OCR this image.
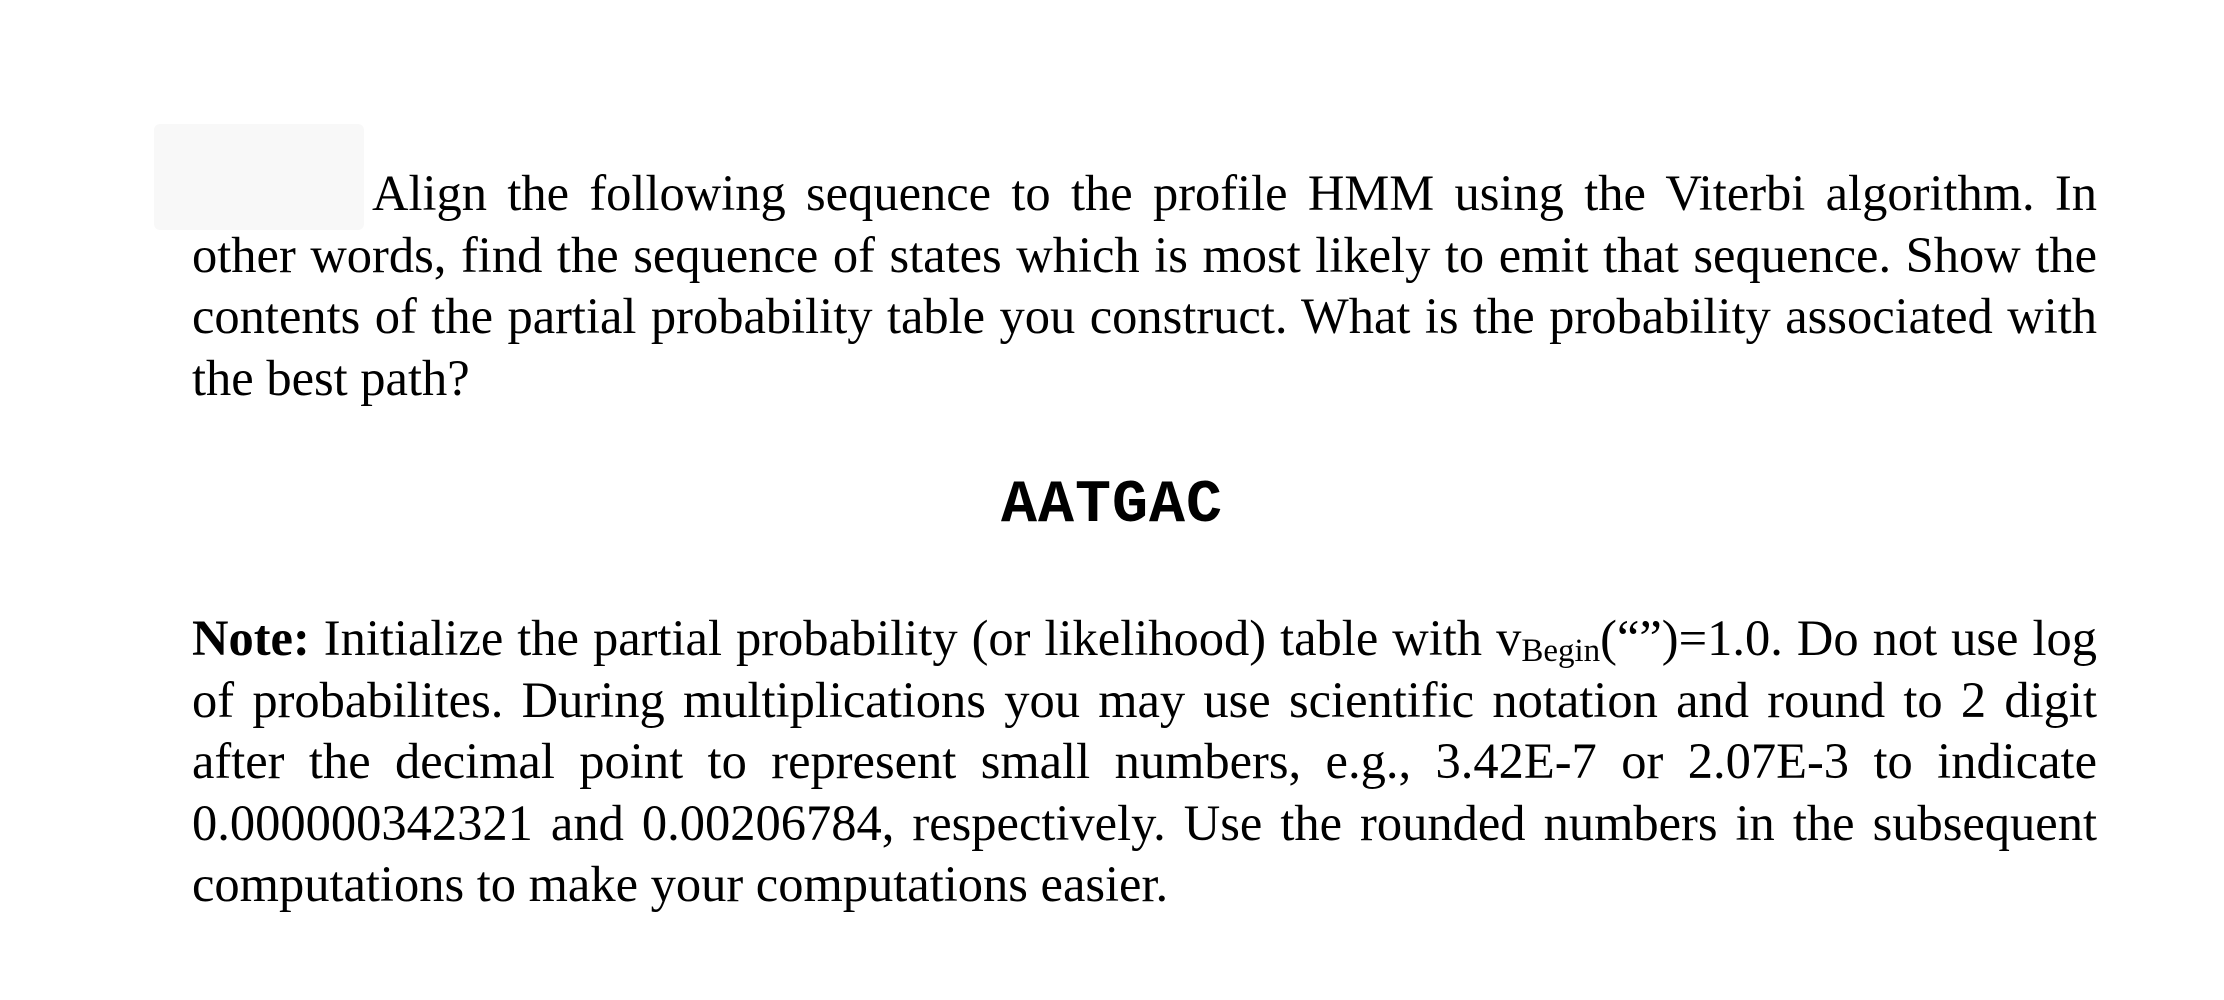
Align the following sequence to the profile HMM using the Viterbi algorithm. In other words, find the sequence of states which is most likely to emit that sequence. Show the contents of the partial probability table you construct. What is the probability associated with the best path?

AATGAC

Note: Initialize the partial probability (or likelihood) table with vBegin(“”)=1.0. Do not use log of probabilites. During multiplications you may use scientific notation and round to 2 digit after the decimal point to represent small numbers, e.g., 3.42E-7 or 2.07E-3 to indicate 0.000000342321 and 0.00206784, respectively. Use the rounded numbers in the subsequent computations to make your computations easier.
